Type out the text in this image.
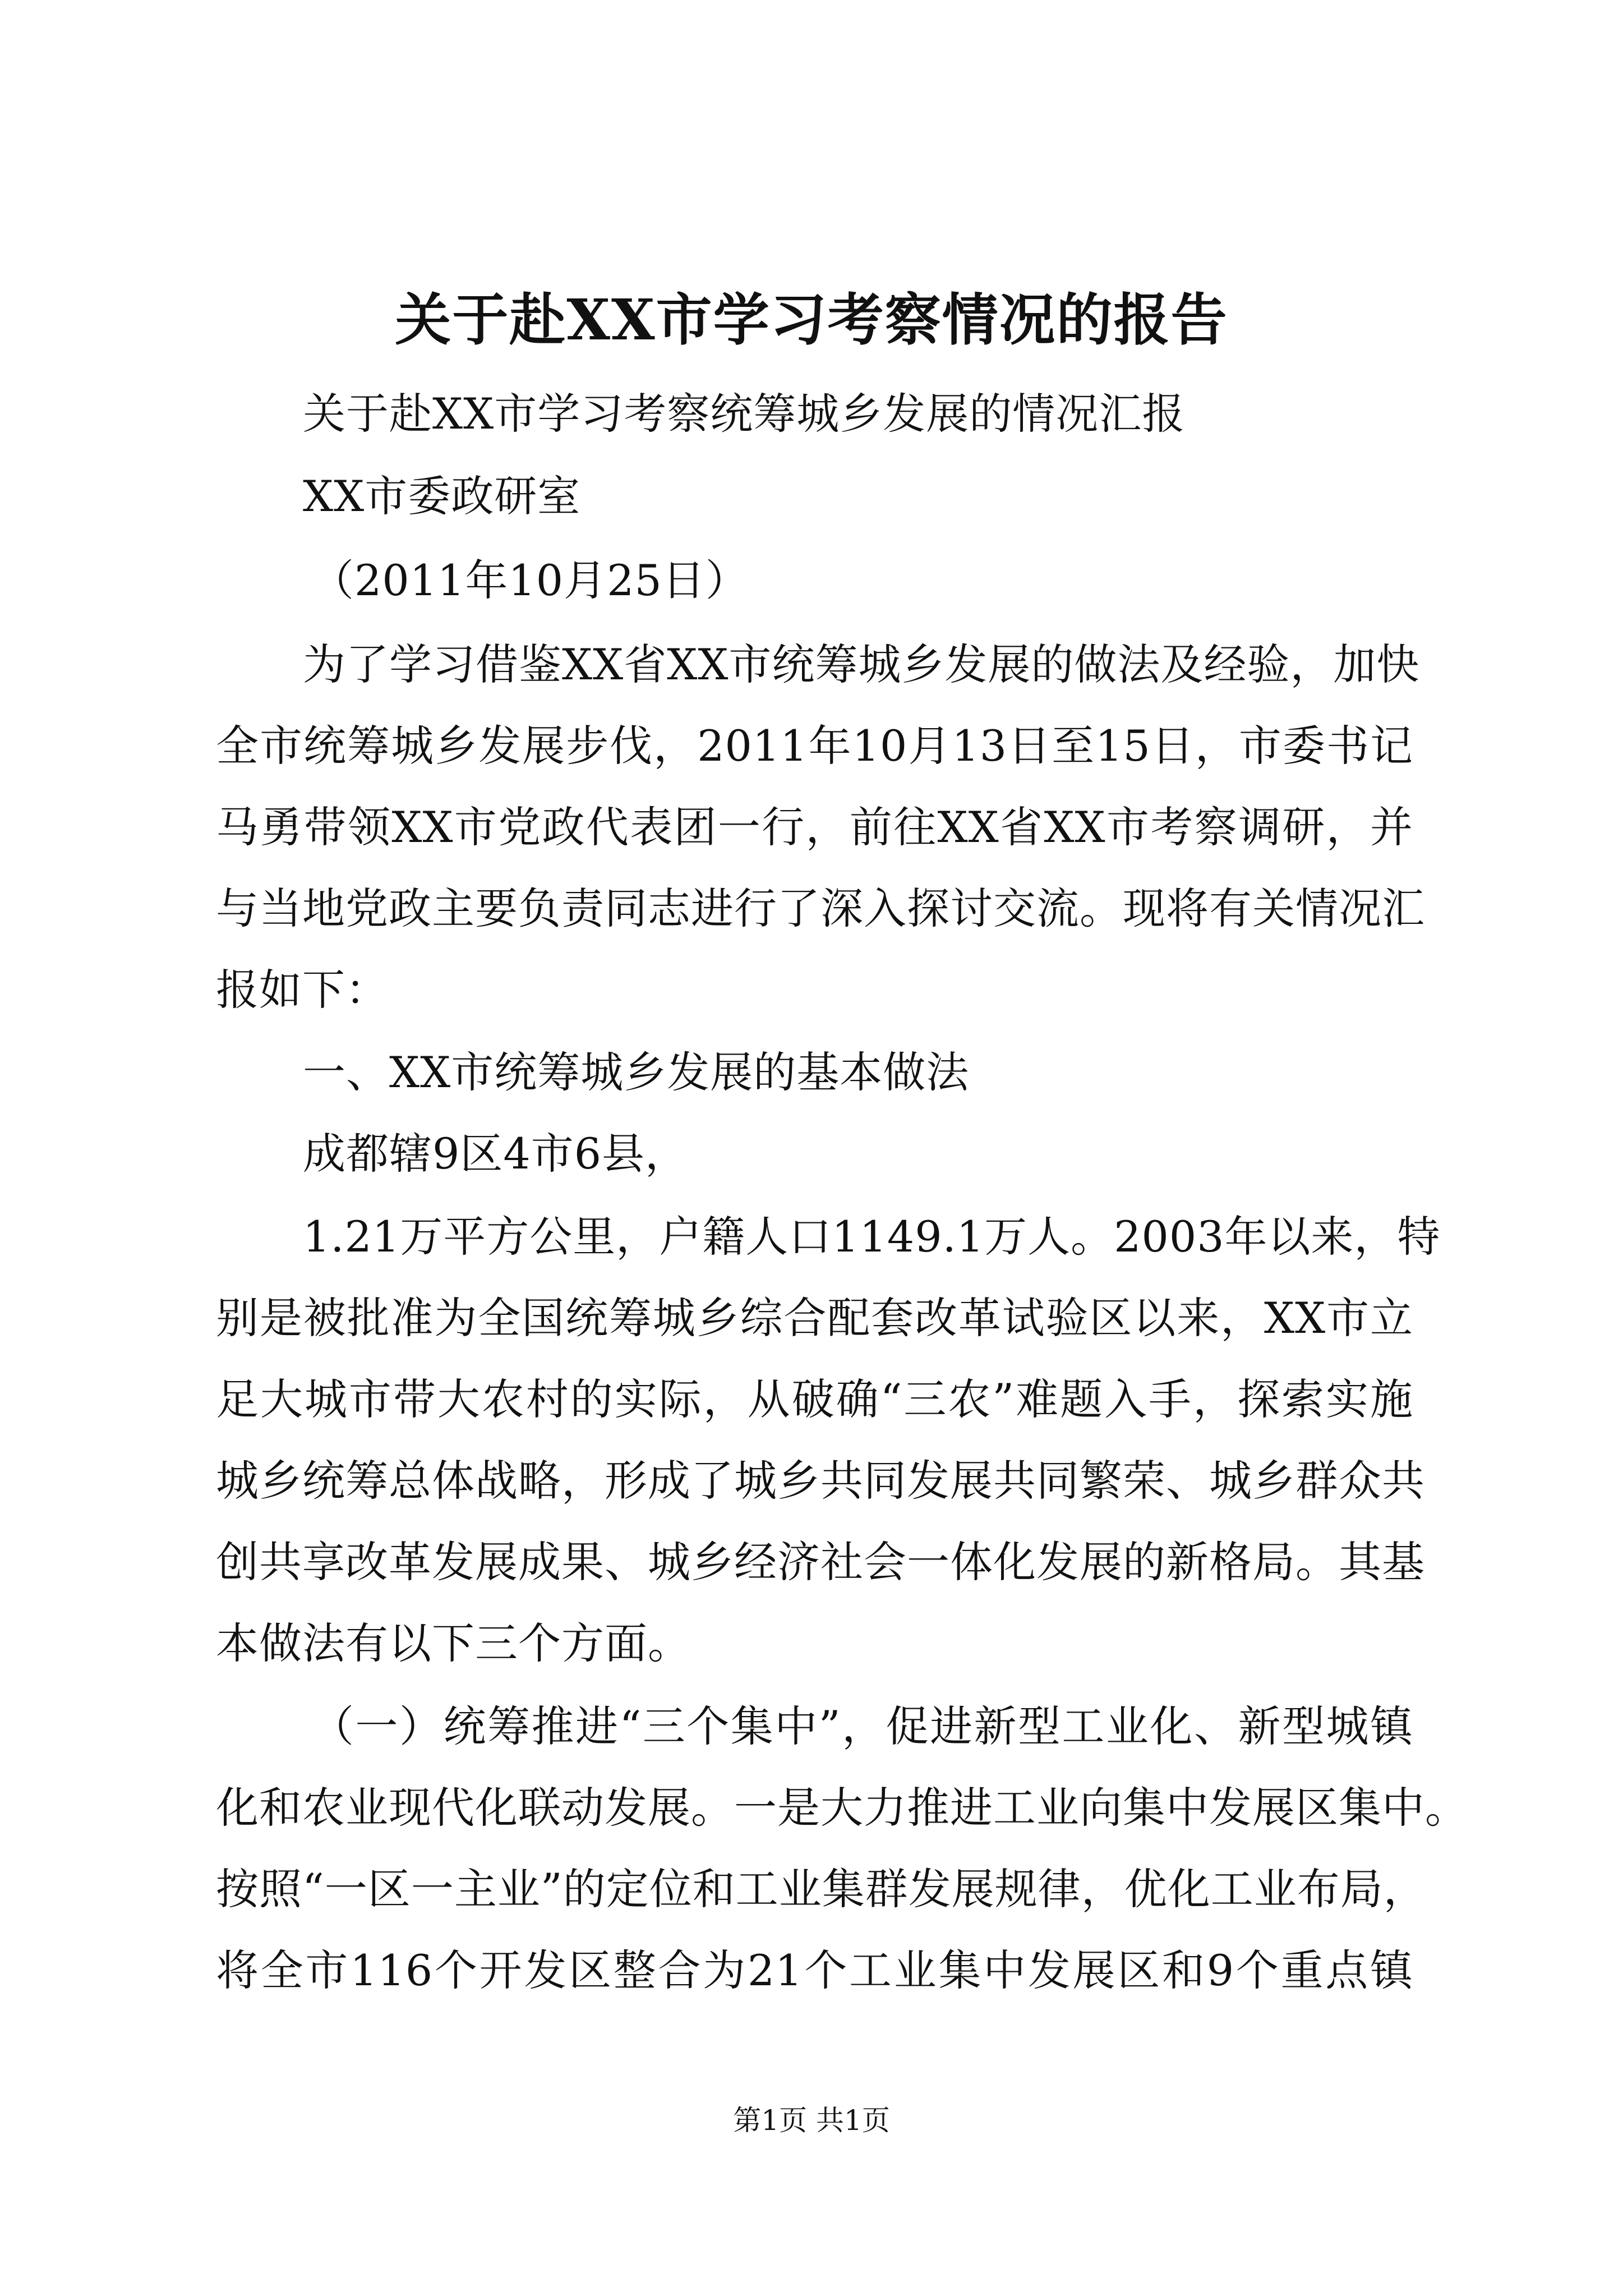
关于赴XX市学习考察情况的报告
关于赴XX市学习考察统筹城乡发展的情况汇报
XX市委政研室
（2011年10月25日）
为了学习借鉴XX省XX市统筹城乡发展的做法及经验，加快
全市统筹城乡发展步伐，2011年10月13日至15日，市委书记
马勇带领XX市党政代表团一行，前往XX省XX市考察调研，并
与当地党政主要负责同志进行了深入探讨交流。现将有关情况汇
报如下：
一、XX市统筹城乡发展的基本做法
成都辖9区4市6县，
1.21万平方公里，户籍人口1149.1万人。2003年以来，特
别是被批准为全国统筹城乡综合配套改革试验区以来，XX市立
足大城市带大农村的实际，从破确“三农”难题入手，探索实施
城乡统筹总体战略，形成了城乡共同发展共同繁荣、城乡群众共
创共享改革发展成果、城乡经济社会一体化发展的新格局。其基
本做法有以下三个方面。
（一）统筹推进“三个集中”，促进新型工业化、新型城镇
化和农业现代化联动发展。一是大力推进工业向集中发展区集中。
按照“一区一主业”的定位和工业集群发展规律，优化工业布局，
将全市116个开发区整合为21个工业集中发展区和9个重点镇
第1页 共1页
